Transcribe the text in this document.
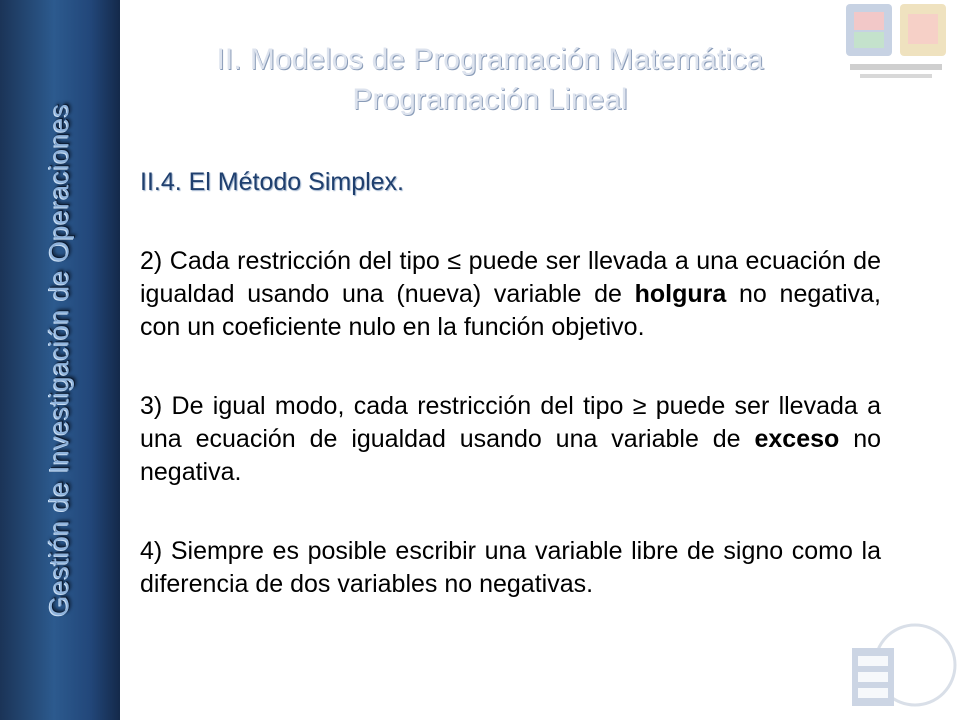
Gestión de Investigación de Operaciones
II. Modelos de Programación Matemática
Programación Lineal
II.4. El Método Simplex.

2) Cada restricción del tipo ≤ puede ser llevada a una ecuación de igualdad usando una (nueva) variable de holgura no negativa, con un coeficiente nulo en la función objetivo.

3) De igual modo, cada restricción del tipo ≥ puede ser llevada a una ecuación de igualdad usando una variable de exceso no negativa.

4) Siempre es posible escribir una variable libre de signo como la diferencia de dos variables no negativas.
